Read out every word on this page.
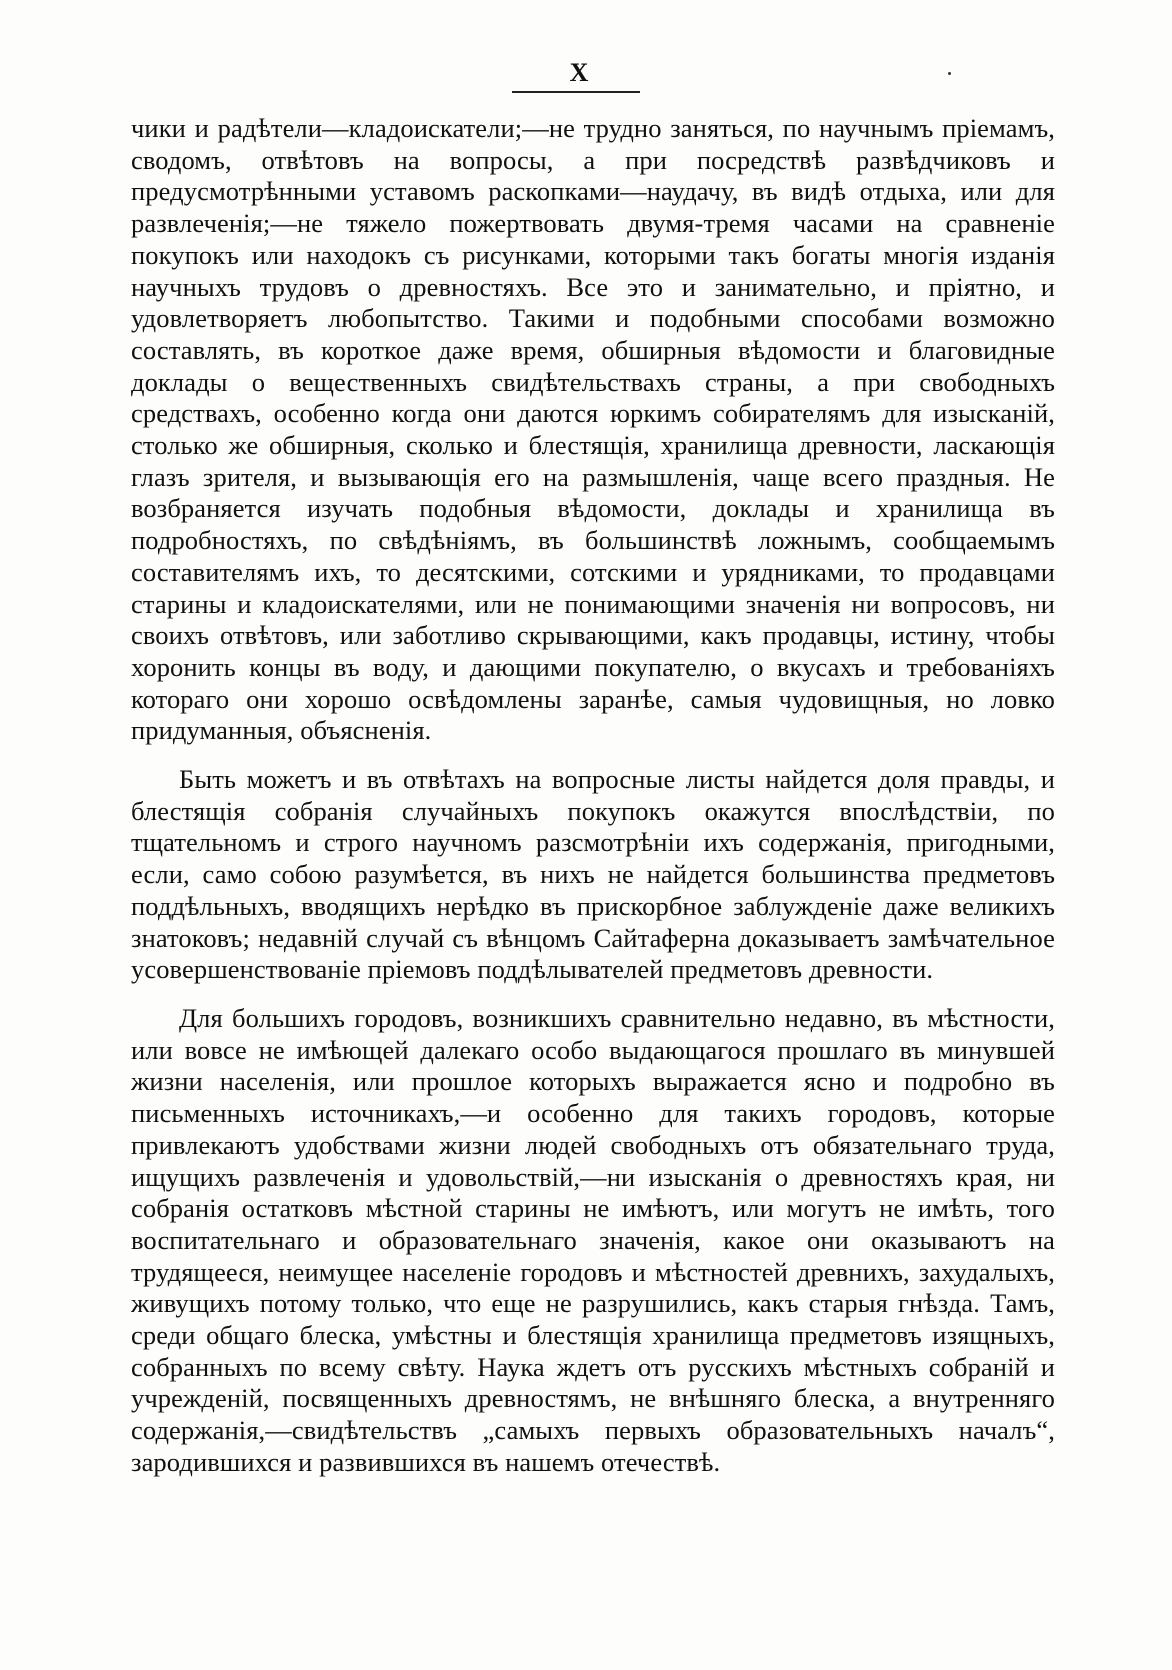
X

чики и радѣтели—кладоискатели;—не трудно заняться, по научнымъ пріемамъ, сводомъ, отвѣтовъ на вопросы, а при посредствѣ развѣдчиковъ и предусмотрѣнными уставомъ раскопками—наудачу, въ видѣ отдыха, или для развлеченія;—не тяжело пожертвовать двумя-тремя часами на сравненіе покупокъ или находокъ съ рисунками, которыми такъ богаты многія изданія научныхъ трудовъ о древностяхъ. Все это и занимательно, и пріятно, и удовлетворяетъ любопытство. Такими и подобными способами возможно составлять, въ короткое даже время, обширныя вѣдомости и благовидные доклады о вещественныхъ свидѣтельствахъ страны, а при свободныхъ средствахъ, особенно когда они даются юркимъ собирателямъ для изысканій, столько же обширныя, сколько и блестящія, хранилища древности, ласкающія глазъ зрителя, и вызывающія его на размышленія, чаще всего праздныя. Не возбраняется изучать подобныя вѣдомости, доклады и хранилища въ подробностяхъ, по свѣдѣніямъ, въ большинствѣ ложнымъ, сообщаемымъ составителямъ ихъ, то десятскими, сотскими и урядниками, то продавцами старины и кладоискателями, или не понимающими значенія ни вопросовъ, ни своихъ отвѣтовъ, или заботливо скрывающими, какъ продавцы, истину, чтобы хоронить концы въ воду, и дающими покупателю, о вкусахъ и требованіяхъ котораго они хорошо освѣдомлены заранѣе, самыя чудовищныя, но ловко придуманныя, объясненія.

Быть можетъ и въ отвѣтахъ на вопросные листы найдется доля правды, и блестящія собранія случайныхъ покупокъ окажутся впослѣдствіи, по тщательномъ и строго научномъ разсмотрѣніи ихъ содержанія, пригодными, если, само собою разумѣется, въ нихъ не найдется большинства предметовъ поддѣльныхъ, вводящихъ нерѣдко въ прискорбное заблужденіе даже великихъ знатоковъ; недавній случай съ вѣнцомъ Сайтаферна доказываетъ замѣчательное усовершенствованіе пріемовъ поддѣлывателей предметовъ древности.

Для большихъ городовъ, возникшихъ сравнительно недавно, въ мѣстности, или вовсе не имѣющей далекаго особо выдающагося прошлаго въ минувшей жизни населенія, или прошлое которыхъ выражается ясно и подробно въ письменныхъ источникахъ,—и особенно для такихъ городовъ, которые привлекаютъ удобствами жизни людей свободныхъ отъ обязательнаго труда, ищущихъ развлеченія и удовольствій,—ни изысканія о древностяхъ края, ни собранія остатковъ мѣстной старины не имѣютъ, или могутъ не имѣть, того воспитательнаго и образовательнаго значенія, какое они оказываютъ на трудящееся, неимущее населеніе городовъ и мѣстностей древнихъ, захудалыхъ, живущихъ потому только, что еще не разрушились, какъ старыя гнѣзда. Тамъ, среди общаго блеска, умѣстны и блестящія хранилища предметовъ изящныхъ, собранныхъ по всему свѣту. Наука ждетъ отъ русскихъ мѣстныхъ собраній и учрежденій, посвященныхъ древностямъ, не внѣшняго блеска, а внутренняго содержанія,—свидѣтельствъ „самыхъ первыхъ образовательныхъ началъ“, зародившихся и развившихся въ нашемъ отечествѣ.
